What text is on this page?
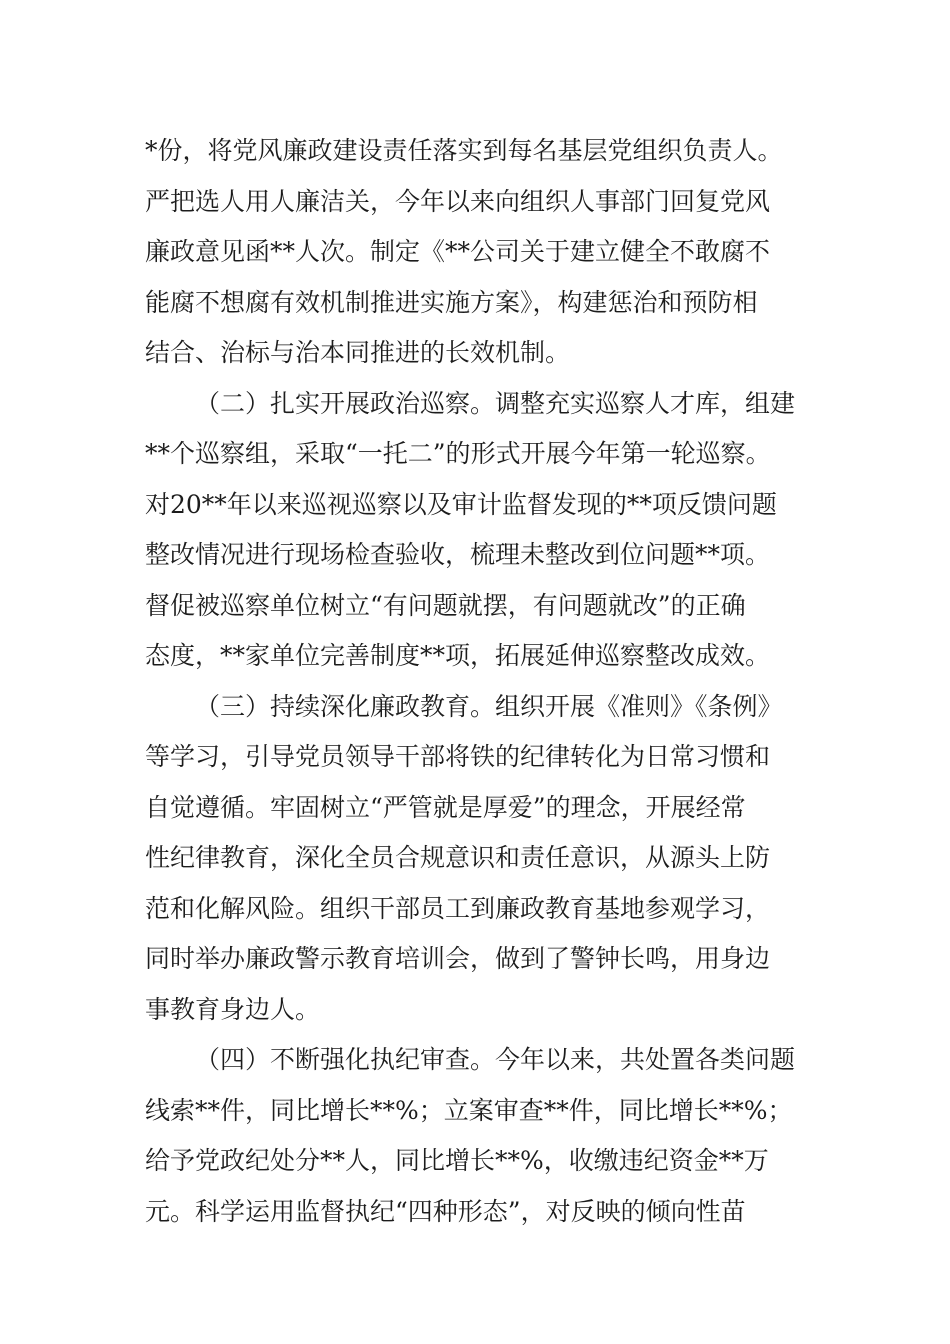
*份，将党风廉政建设责任落实到每名基层党组织负责人。
严把选人用人廉洁关，今年以来向组织人事部门回复党风
廉政意见函**人次。制定《**公司关于建立健全不敢腐不
能腐不想腐有效机制推进实施方案》，构建惩治和预防相
结合、治标与治本同推进的长效机制。
（二）扎实开展政治巡察。调整充实巡察人才库，组建
**个巡察组，采取“一托二”的形式开展今年第一轮巡察。
对20**年以来巡视巡察以及审计监督发现的**项反馈问题
整改情况进行现场检查验收，梳理未整改到位问题**项。
督促被巡察单位树立“有问题就摆，有问题就改”的正确
态度，**家单位完善制度**项，拓展延伸巡察整改成效。
（三）持续深化廉政教育。组织开展《准则》《条例》
等学习，引导党员领导干部将铁的纪律转化为日常习惯和
自觉遵循。牢固树立“严管就是厚爱”的理念，开展经常
性纪律教育，深化全员合规意识和责任意识，从源头上防
范和化解风险。组织干部员工到廉政教育基地参观学习，
同时举办廉政警示教育培训会，做到了警钟长鸣，用身边
事教育身边人。
（四）不断强化执纪审查。今年以来，共处置各类问题
线索**件，同比增长**%；立案审查**件，同比增长**%；
给予党政纪处分**人，同比增长**%，收缴违纪资金**万
元。科学运用监督执纪“四种形态”，对反映的倾向性苗
